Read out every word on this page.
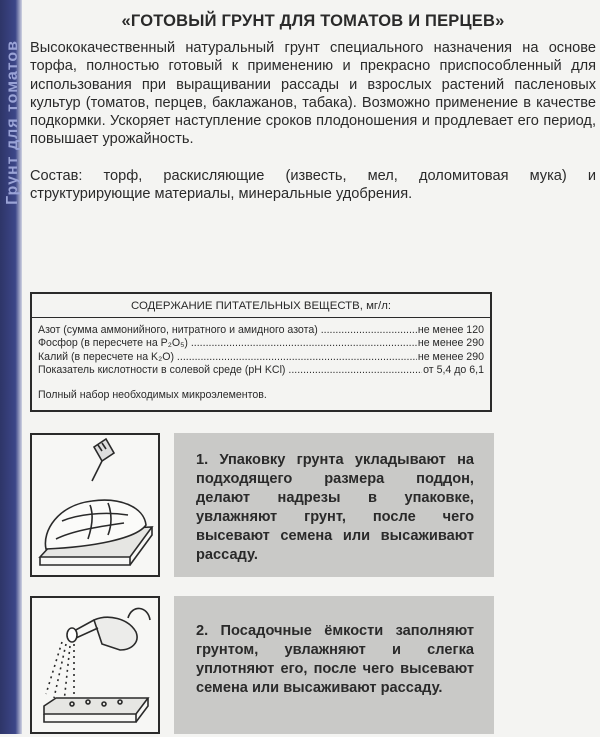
Грунт для томатов
«ГОТОВЫЙ ГРУНТ ДЛЯ ТОМАТОВ И ПЕРЦЕВ»

Высококачественный натуральный грунт специального назначения на основе торфа, полностью готовый к применению и прекрасно приспособленный для использования при выращивании рассады и взрослых растений пасленовых культур (томатов, перцев, баклажанов, табака). Возможно применение в качестве подкормки. Ускоряет наступление сроков плодоношения и продлевает его период, повышает урожайность.

Состав: торф, раскисляющие (известь, мел, доломитовая мука) и структурирующие материалы, минеральные удобрения.

СОДЕРЖАНИЕ ПИТАТЕЛЬНЫХ ВЕЩЕСТВ, мг/л:
Азот (сумма аммонийного, нитратного и амидного азота) .....	не менее 120
Фосфор (в пересчете на P₂O₅) .....	не менее 290
Калий (в пересчете на K₂O) .....	не менее 290
Показатель кислотности в солевой среде (pH KCl) .....	от 5,4 до 6,1
Полный набор необходимых микроэлементов.
1. Упаковку грунта укладывают на подходящего размера поддон, делают надрезы в упаковке, увлажняют грунт, после чего высевают семена или высаживают рассаду.
2. Посадочные ёмкости заполняют грунтом, увлажняют и слегка уплотняют его, после чего высевают семена или высаживают рассаду.
